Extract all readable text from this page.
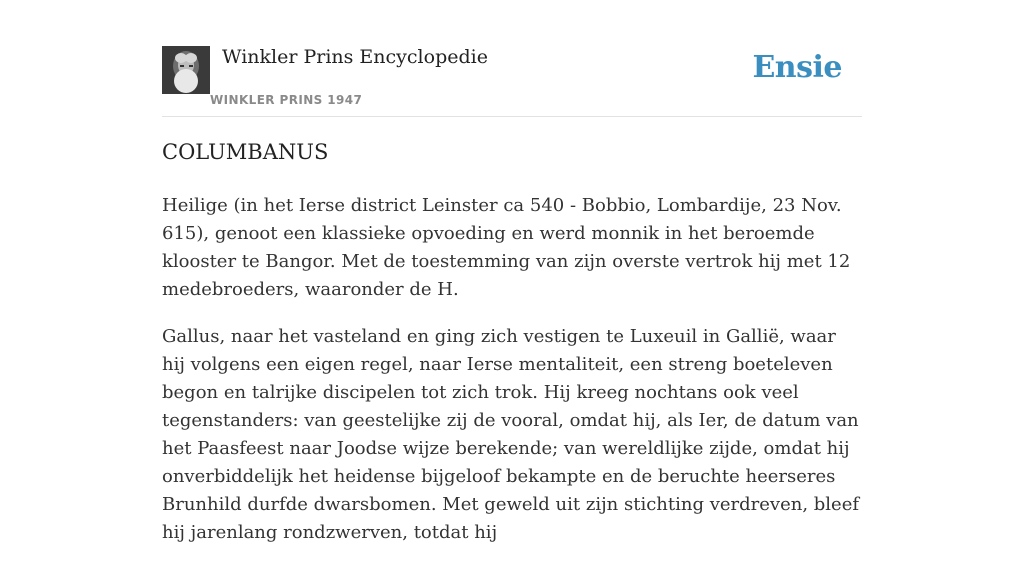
Winkler Prins Encyclopedie
WINKLER PRINS 1947
Ensie
COLUMBANUS

Heilige (in het Ierse district Leinster ca 540 - Bobbio, Lombardije, 23 Nov. 615), genoot een klassieke opvoeding en werd monnik in het beroemde klooster te Bangor. Met de toestemming van zijn overste vertrok hij met 12 medebroeders, waaronder de H.

Gallus, naar het vasteland en ging zich vestigen te Luxeuil in Gallië, waar hij volgens een eigen regel, naar Ierse mentaliteit, een streng boeteleven begon en talrijke discipelen tot zich trok. Hij kreeg nochtans ook veel tegenstanders: van geestelijke zij de vooral, omdat hij, als Ier, de datum van het Paasfeest naar Joodse wijze berekende; van wereldlijke zijde, omdat hij onverbiddelijk het heidense bijgeloof bekampte en de beruchte heerseres Brunhild durfde dwarsbomen. Met geweld uit zijn stichting verdreven, bleef hij jarenlang rondzwerven, totdat hij
